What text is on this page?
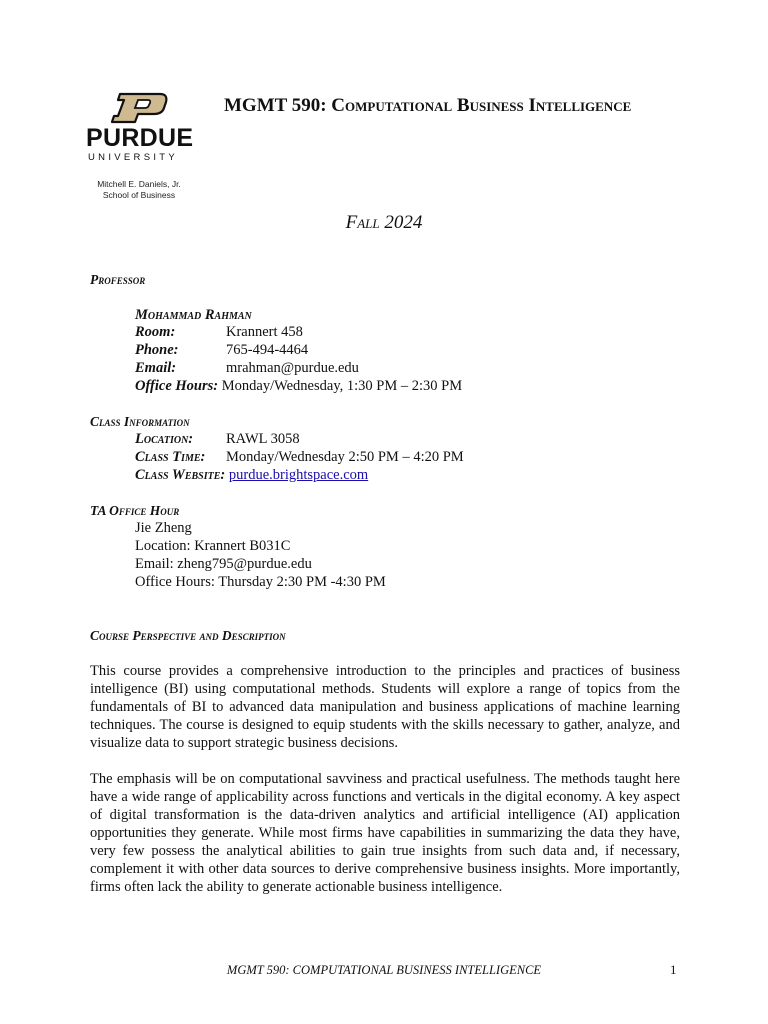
PURDUE
UNIVERSITY
Mitchell E. Daniels, Jr.
School of Business
MGMT 590: Computational Business Intelligence
Fall 2024
Professor
Mohammad Rahman
Room:	Krannert 458
Phone:	765-494-4464
Email:	mrahman@purdue.edu
Office Hours: Monday/Wednesday, 1:30 PM – 2:30 PM
Class Information
Location: RAWL 3058
Class Time: Monday/Wednesday 2:50 PM – 4:20 PM
Class Website: purdue.brightspace.com
TA Office Hour
Jie Zheng
Location: Krannert B031C
Email: zheng795@purdue.edu
Office Hours: Thursday 2:30 PM -4:30 PM
Course Perspective and Description
This course provides a comprehensive introduction to the principles and practices of business intelligence (BI) using computational methods. Students will explore a range of topics from the fundamentals of BI to advanced data manipulation and business applications of machine learning techniques. The course is designed to equip students with the skills necessary to gather, analyze, and visualize data to support strategic business decisions.
The emphasis will be on computational savviness and practical usefulness. The methods taught here have a wide range of applicability across functions and verticals in the digital economy. A key aspect of digital transformation is the data-driven analytics and artificial intelligence (AI) application opportunities they generate. While most firms have capabilities in summarizing the data they have, very few possess the analytical abilities to gain true insights from such data and, if necessary, complement it with other data sources to derive comprehensive business insights. More importantly, firms often lack the ability to generate actionable business intelligence.
MGMT 590: COMPUTATIONAL BUSINESS INTELLIGENCE	1
